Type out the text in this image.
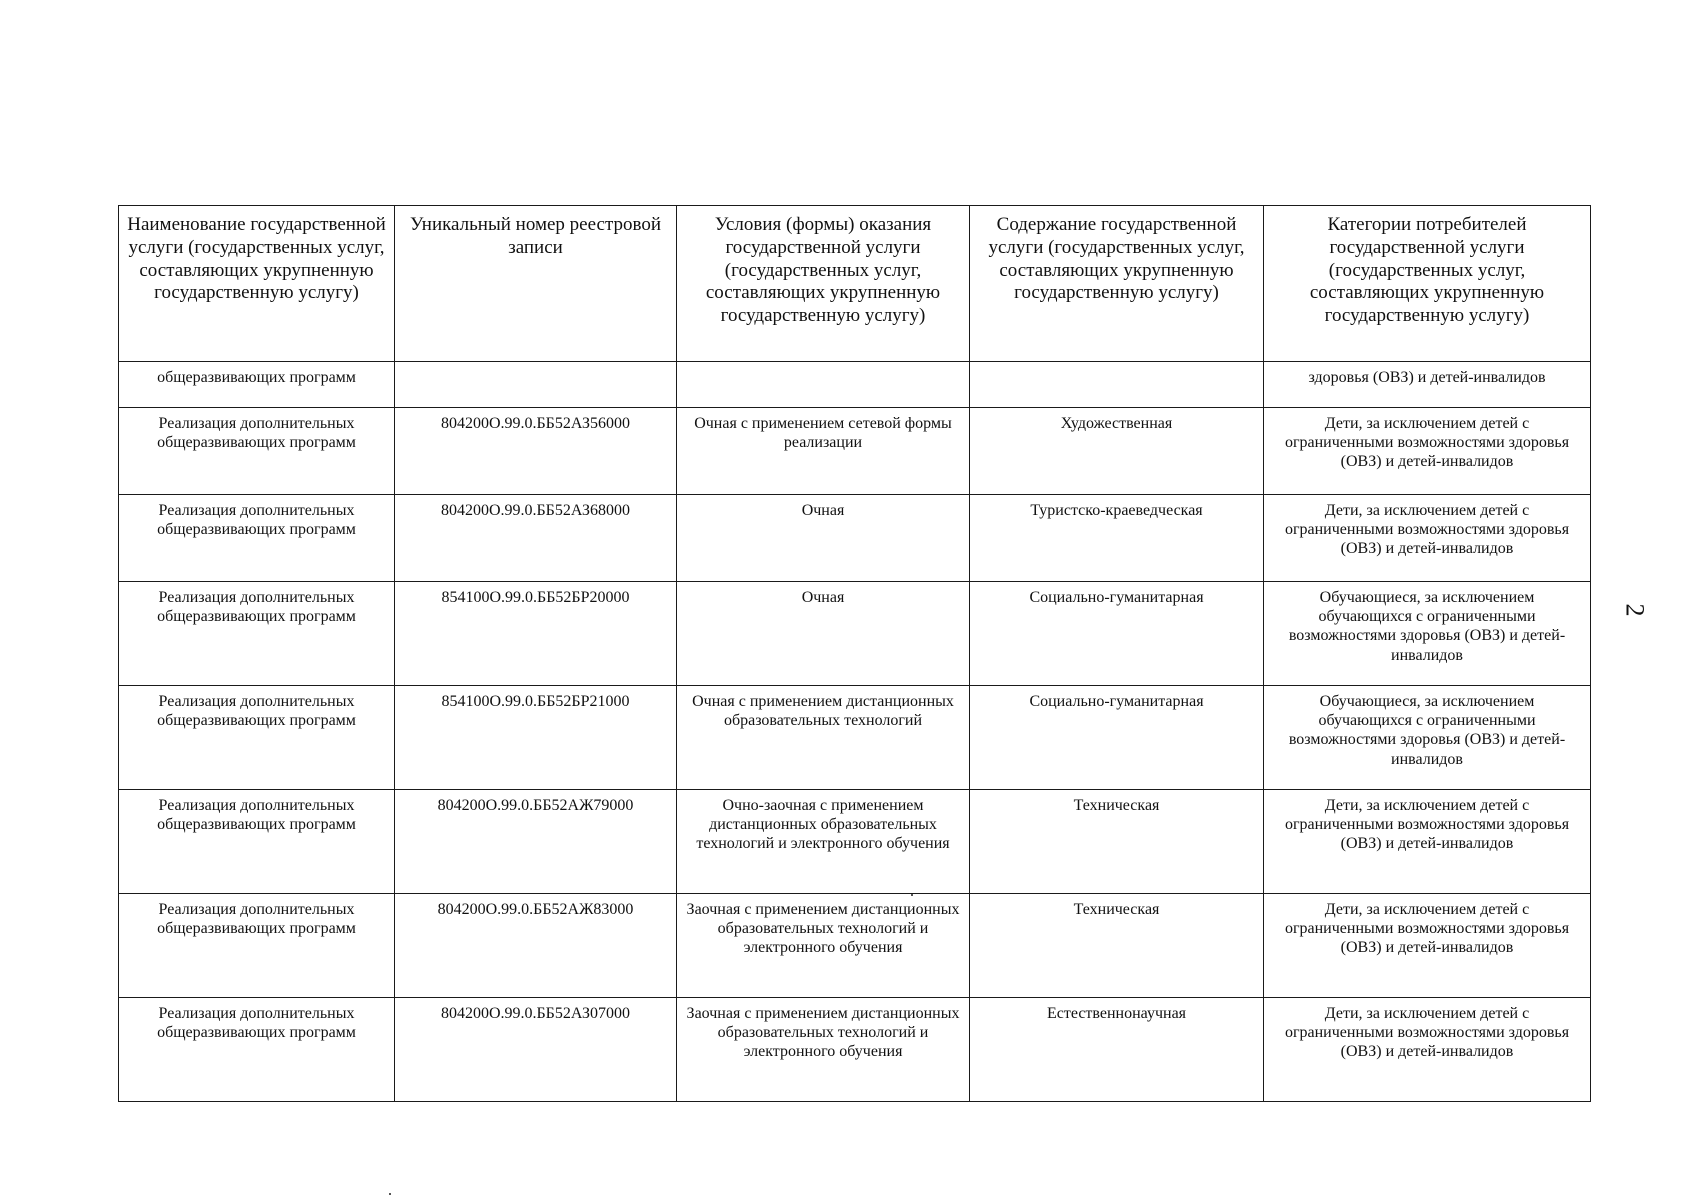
Наименование государственной услуги (государственных услуг, составляющих укрупненную государственную услугу)	Уникальный номер реестровой записи	Условия (формы) оказания государственной услуги (государственных услуг, составляющих укрупненную государственную услугу)	Содержание государственной услуги (государственных услуг, составляющих укрупненную государственную услугу)	Категории потребителей государственной услуги (государственных услуг, составляющих укрупненную государственную услугу)
общеразвивающих программ				здоровья (ОВЗ) и детей-инвалидов
Реализация дополнительных общеразвивающих программ	804200О.99.0.ББ52АЗ56000	Очная с применением сетевой формы реализации	Художественная	Дети, за исключением детей с ограниченными возможностями здоровья (ОВЗ) и детей-инвалидов
Реализация дополнительных общеразвивающих программ	804200О.99.0.ББ52АЗ68000	Очная	Туристско-краеведческая	Дети, за исключением детей с ограниченными возможностями здоровья (ОВЗ) и детей-инвалидов
Реализация дополнительных общеразвивающих программ	854100О.99.0.ББ52БР20000	Очная	Социально-гуманитарная	Обучающиеся, за исключением обучающихся с ограниченными возможностями здоровья (ОВЗ) и детей-инвалидов
Реализация дополнительных общеразвивающих программ	854100О.99.0.ББ52БР21000	Очная с применением дистанционных образовательных технологий	Социально-гуманитарная	Обучающиеся, за исключением обучающихся с ограниченными возможностями здоровья (ОВЗ) и детей-инвалидов
Реализация дополнительных общеразвивающих программ	804200О.99.0.ББ52АЖ79000	Очно-заочная с применением дистанционных образовательных технологий и электронного обучения	Техническая	Дети, за исключением детей с ограниченными возможностями здоровья (ОВЗ) и детей-инвалидов
Реализация дополнительных общеразвивающих программ	804200О.99.0.ББ52АЖ83000	Заочная с применением дистанционных образовательных технологий и электронного обучения	Техническая	Дети, за исключением детей с ограниченными возможностями здоровья (ОВЗ) и детей-инвалидов
Реализация дополнительных общеразвивающих программ	804200О.99.0.ББ52АЗ07000	Заочная с применением дистанционных образовательных технологий и электронного обучения	Естественнонаучная	Дети, за исключением детей с ограниченными возможностями здоровья (ОВЗ) и детей-инвалидов
2
